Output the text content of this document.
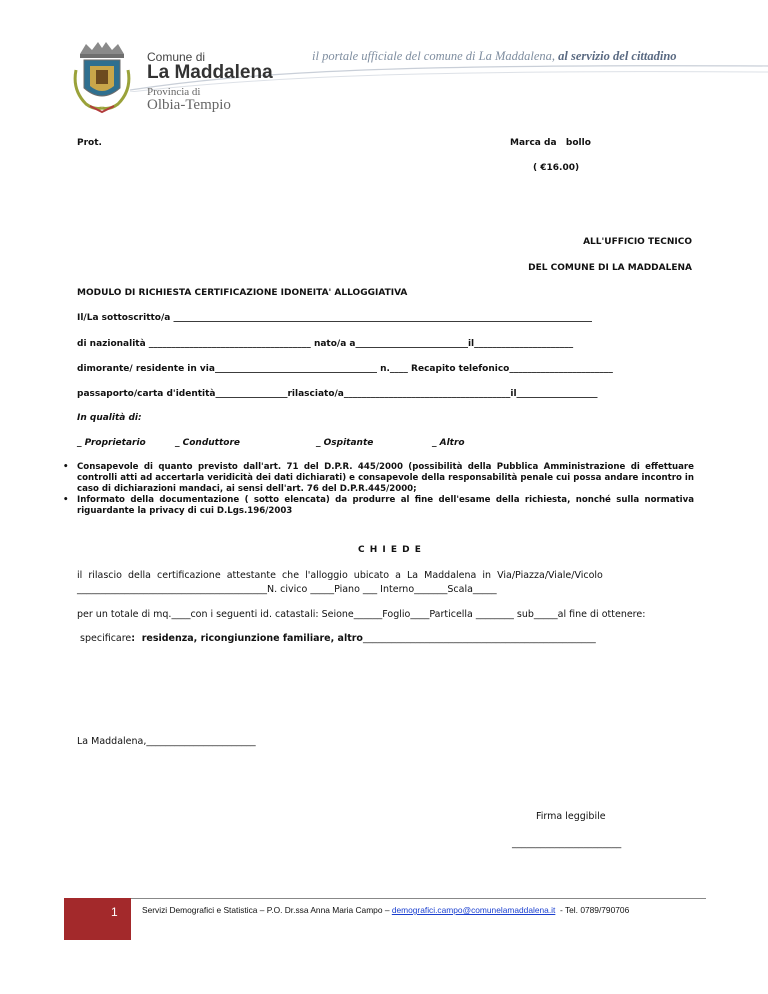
Comune di
La Maddalena
Provincia di
Olbia-Tempio
il portale ufficiale del comune di La Maddalena, al servizio del cittadino
Prot.	Marca da   bollo
( €16.00)
ALL'UFFICIO TECNICO
DEL COMUNE DI LA MADDALENA
MODULO DI RICHIESTA CERTIFICAZIONE IDONEITA' ALLOGGIATIVA
Il/La sottoscritto/a _____________________________________________________________________________________________
di nazionalità ____________________________________ nato/a a_________________________il______________________
dimorante/ residente in via____________________________________ n.____ Recapito telefonico_______________________
passaporto/carta d'identità________________rilasciato/a_____________________________________il__________________
In qualità di:
_ Proprietario	_ Conduttore	_ Ospitante	_ Altro
• Consapevole di quanto previsto dall'art. 71 del D.P.R. 445/2000 (possibilità della Pubblica Amministrazione di effettuare controlli atti ad accertarla veridicità dei dati dichiarati) e consapevole della responsabilità penale cui possa andare incontro in caso di dichiarazioni mandaci, ai sensi dell'art. 76 del D.P.R.445/2000;
• Informato della documentazione ( sotto elencata) da produrre al fine dell'esame della richiesta, nonché sulla normativa riguardante la privacy di cui D.Lgs.196/2003
C H I E D E
il  rilascio  della  certificazione  attestante  che  l'alloggio  ubicato  a  La  Maddalena  in  Via/Piazza/Viale/Vicolo
________________________________________N. civico _____Piano ___ Interno_______Scala_____
per un totale di mq.____con i seguenti id. catastali: Seione______Foglio____Particella ________ sub_____al fine di ottenere:
specificare:  residenza, ricongiunzione familiare, altro_________________________________________________
La Maddalena,_______________________
Firma leggibile
_______________________
1	Servizi Demografici e Statistica – P.O. Dr.ssa Anna Maria Campo – demografici.campo@comunelamaddalena.it  - Tel. 0789/790706
